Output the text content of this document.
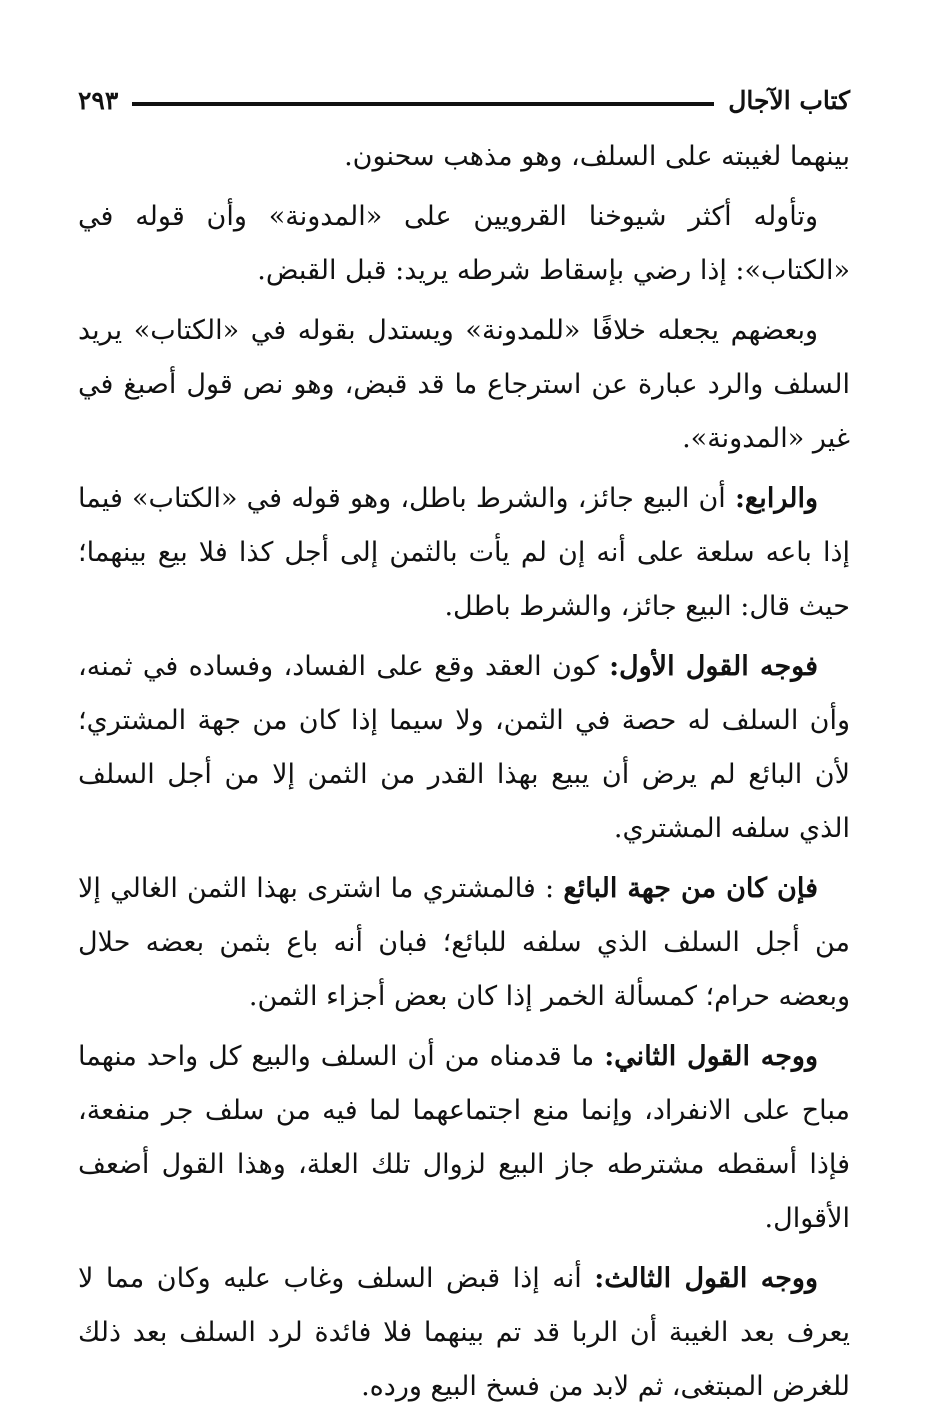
كتاب الآجال
٢٩٣

بينهما لغيبته على السلف، وهو مذهب سحنون.

وتأوله أكثر شيوخنا القرويين على «المدونة» وأن قوله في «الكتاب»: إذا رضي بإسقاط شرطه يريد: قبل القبض.

وبعضهم يجعله خلافًا «للمدونة» ويستدل بقوله في «الكتاب» يريد السلف والرد عبارة عن استرجاع ما قد قبض، وهو نص قول أصبغ في غير «المدونة».

والرابع: أن البيع جائز، والشرط باطل، وهو قوله في «الكتاب» فيما إذا باعه سلعة على أنه إن لم يأت بالثمن إلى أجل كذا فلا بيع بينهما؛ حيث قال: البيع جائز، والشرط باطل.

فوجه القول الأول: كون العقد وقع على الفساد، وفساده في ثمنه، وأن السلف له حصة في الثمن، ولا سيما إذا كان من جهة المشتري؛ لأن البائع لم يرض أن يبيع بهذا القدر من الثمن إلا من أجل السلف الذي سلفه المشتري.

فإن كان من جهة البائع : فالمشتري ما اشترى بهذا الثمن الغالي إلا من أجل السلف الذي سلفه للبائع؛ فبان أنه باع بثمن بعضه حلال وبعضه حرام؛ كمسألة الخمر إذا كان بعض أجزاء الثمن.

ووجه القول الثاني: ما قدمناه من أن السلف والبيع كل واحد منهما مباح على الانفراد، وإنما منع اجتماعهما لما فيه من سلف جر منفعة، فإذا أسقطه مشترطه جاز البيع لزوال تلك العلة، وهذا القول أضعف الأقوال.

ووجه القول الثالث: أنه إذا قبض السلف وغاب عليه وكان مما لا يعرف بعد الغيبة أن الربا قد تم بينهما فلا فائدة لرد السلف بعد ذلك للغرض المبتغى، ثم لابد من فسخ البيع ورده.
